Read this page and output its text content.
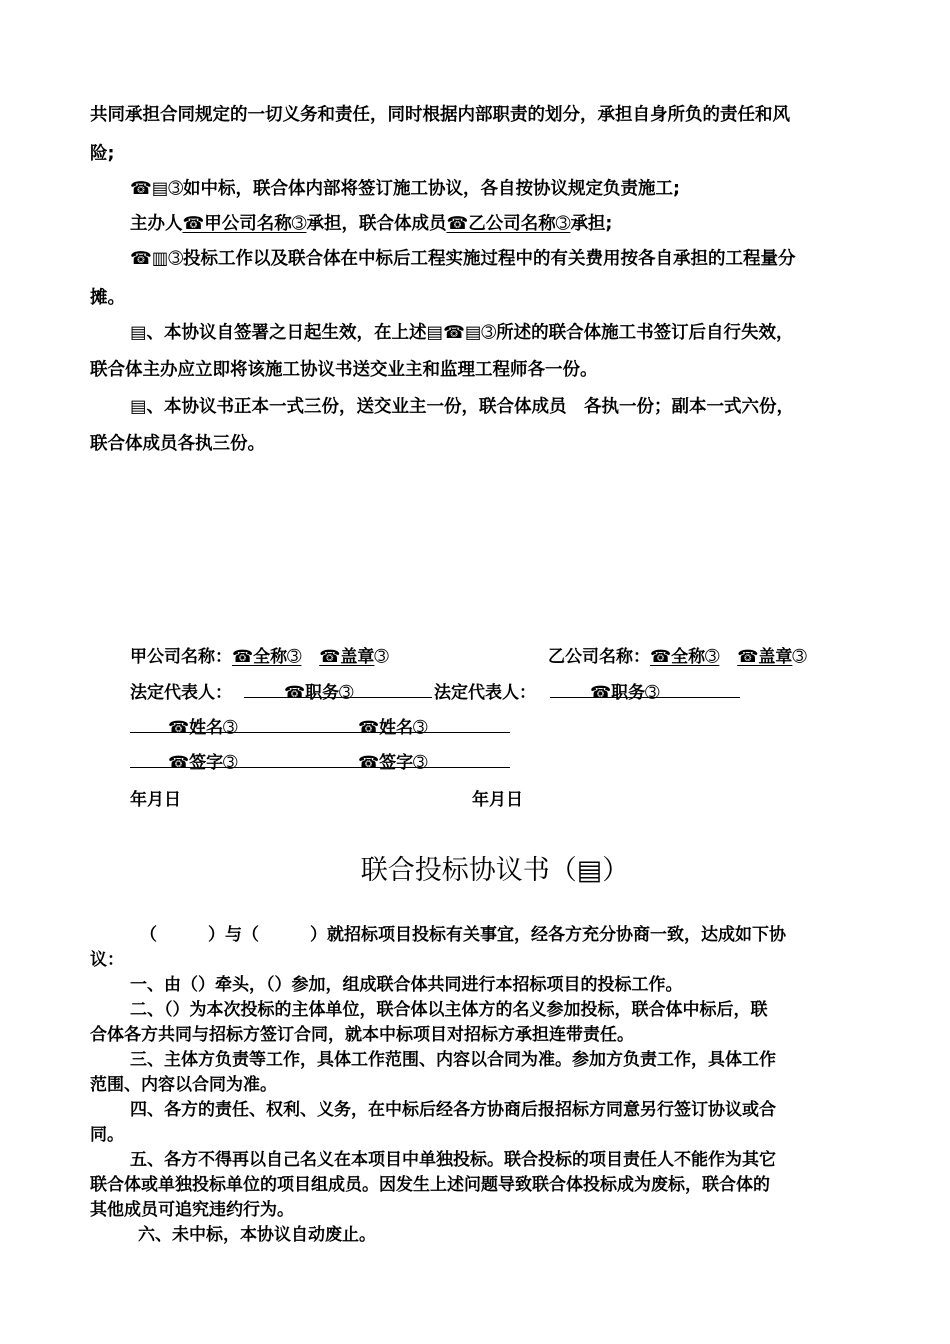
共同承担合同规定的一切义务和责任，同时根据内部职责的划分，承担自身所负的责任和风
险;
☎▤➂如中标，联合体内部将签订施工协议，各自按协议规定负责施工;
主办人☎甲公司名称➂承担，联合体成员☎乙公司名称➂承担;
☎▥➂投标工作以及联合体在中标后工程实施过程中的有关费用按各自承担的工程量分
摊。
▤、本协议自签署之日起生效，在上述▤☎▤➂所述的联合体施工书签订后自行失效，
联合体主办应立即将该施工协议书送交业主和监理工程师各一份。
▤、本协议书正本一式三份，送交业主一份，联合体成员　各执一份；副本一式六份，
联合体成员各执三份。
甲公司名称：☎全称➂ ☎盖章➂	乙公司名称：☎全称➂ ☎盖章➂
法定代表人：	☎职务➂	法定代表人：	☎职务➂
☎姓名➂	☎姓名➂
☎签字➂	☎签字➂
年月日	年月日
联合投标协议书（▤）
（　　　）与（　　　）就招标项目投标有关事宜，经各方充分协商一致，达成如下协
议：
一、由（）牵头，（）参加，组成联合体共同进行本招标项目的投标工作。
二、（）为本次投标的主体单位，联合体以主体方的名义参加投标，联合体中标后，联
合体各方共同与招标方签订合同，就本中标项目对招标方承担连带责任。
三、主体方负责等工作，具体工作范围、内容以合同为准。参加方负责工作，具体工作
范围、内容以合同为准。
四、各方的责任、权利、义务，在中标后经各方协商后报招标方同意另行签订协议或合
同。
五、各方不得再以自己名义在本项目中单独投标。联合投标的项目责任人不能作为其它
联合体或单独投标单位的项目组成员。因发生上述问题导致联合体投标成为废标，联合体的
其他成员可追究违约行为。
六、未中标，本协议自动废止。
